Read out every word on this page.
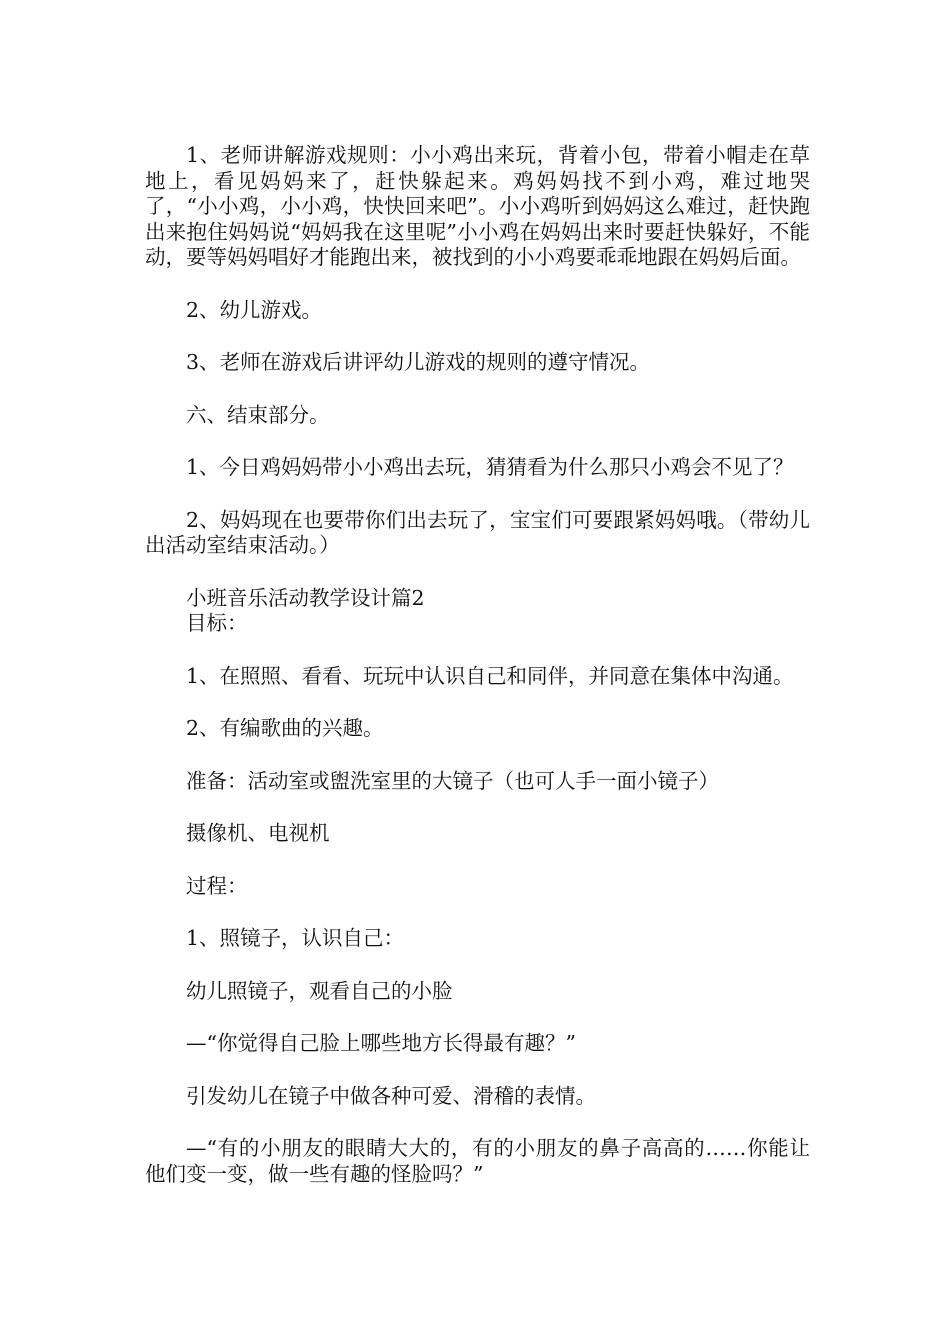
1、老师讲解游戏规则：小小鸡出来玩，背着小包，带着小帽走在草地上，看见妈妈来了，赶快躲起来。鸡妈妈找不到小鸡，难过地哭了，“小小鸡，小小鸡，快快回来吧”。小小鸡听到妈妈这么难过，赶快跑出来抱住妈妈说“妈妈我在这里呢”小小鸡在妈妈出来时要赶快躲好，不能动，要等妈妈唱好才能跑出来，被找到的小小鸡要乖乖地跟在妈妈后面。

2、幼儿游戏。

3、老师在游戏后讲评幼儿游戏的规则的遵守情况。

六、结束部分。

1、今日鸡妈妈带小小鸡出去玩，猜猜看为什么那只小鸡会不见了？

2、妈妈现在也要带你们出去玩了，宝宝们可要跟紧妈妈哦。（带幼儿出活动室结束活动。）

小班音乐活动教学设计篇2

目标：

1、在照照、看看、玩玩中认识自己和同伴，并同意在集体中沟通。

2、有编歌曲的兴趣。

准备：活动室或盥洗室里的大镜子（也可人手一面小镜子）

摄像机、电视机

过程：

1、照镜子，认识自己：

幼儿照镜子，观看自己的小脸

—“你觉得自己脸上哪些地方长得最有趣？”

引发幼儿在镜子中做各种可爱、滑稽的表情。

—“有的小朋友的眼睛大大的，有的小朋友的鼻子高高的……你能让他们变一变，做一些有趣的怪脸吗？”
